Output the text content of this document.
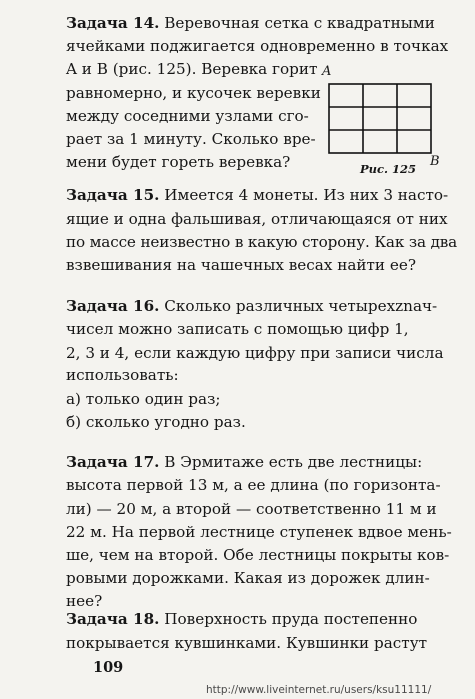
Задача 14. Веревочная сетка с квадратными
ячейками поджигается одновременно в точках
A и B (рис. 125). Веревка горит
равномерно, и кусочек веревки
между соседними узлами сго-
рает за 1 минуту. Сколько вре-
мени будет гореть веревка?
A
B
Рис. 125
Задача 15. Имеется 4 монеты. Из них 3 насто-
ящие и одна фальшивая, отличающаяся от них
по массе неизвестно в какую сторону. Как за два
взвешивания на чашечных весах найти ее?
Задача 16. Сколько различных четырехznач-
чисел можно записать с помощью цифр 1,
2, 3 и 4, если каждую цифру при записи числа
использовать:
а) только один раз;
б) сколько угодно раз.
Задача 17. В Эрмитаже есть две лестницы:
высота первой 13 м, а ее длина (по горизонта-
ли) — 20 м, а второй — соответственно 11 м и
22 м. На первой лестнице ступенек вдвое мень-
ше, чем на второй. Обе лестницы покрыты ков-
ровыми дорожками. Какая из дорожек длин-
нее?
Задача 18. Поверхность пруда постепенно
покрывается кувшинками. Кувшинки растут
109
http://www.liveinternet.ru/users/ksu11111/
